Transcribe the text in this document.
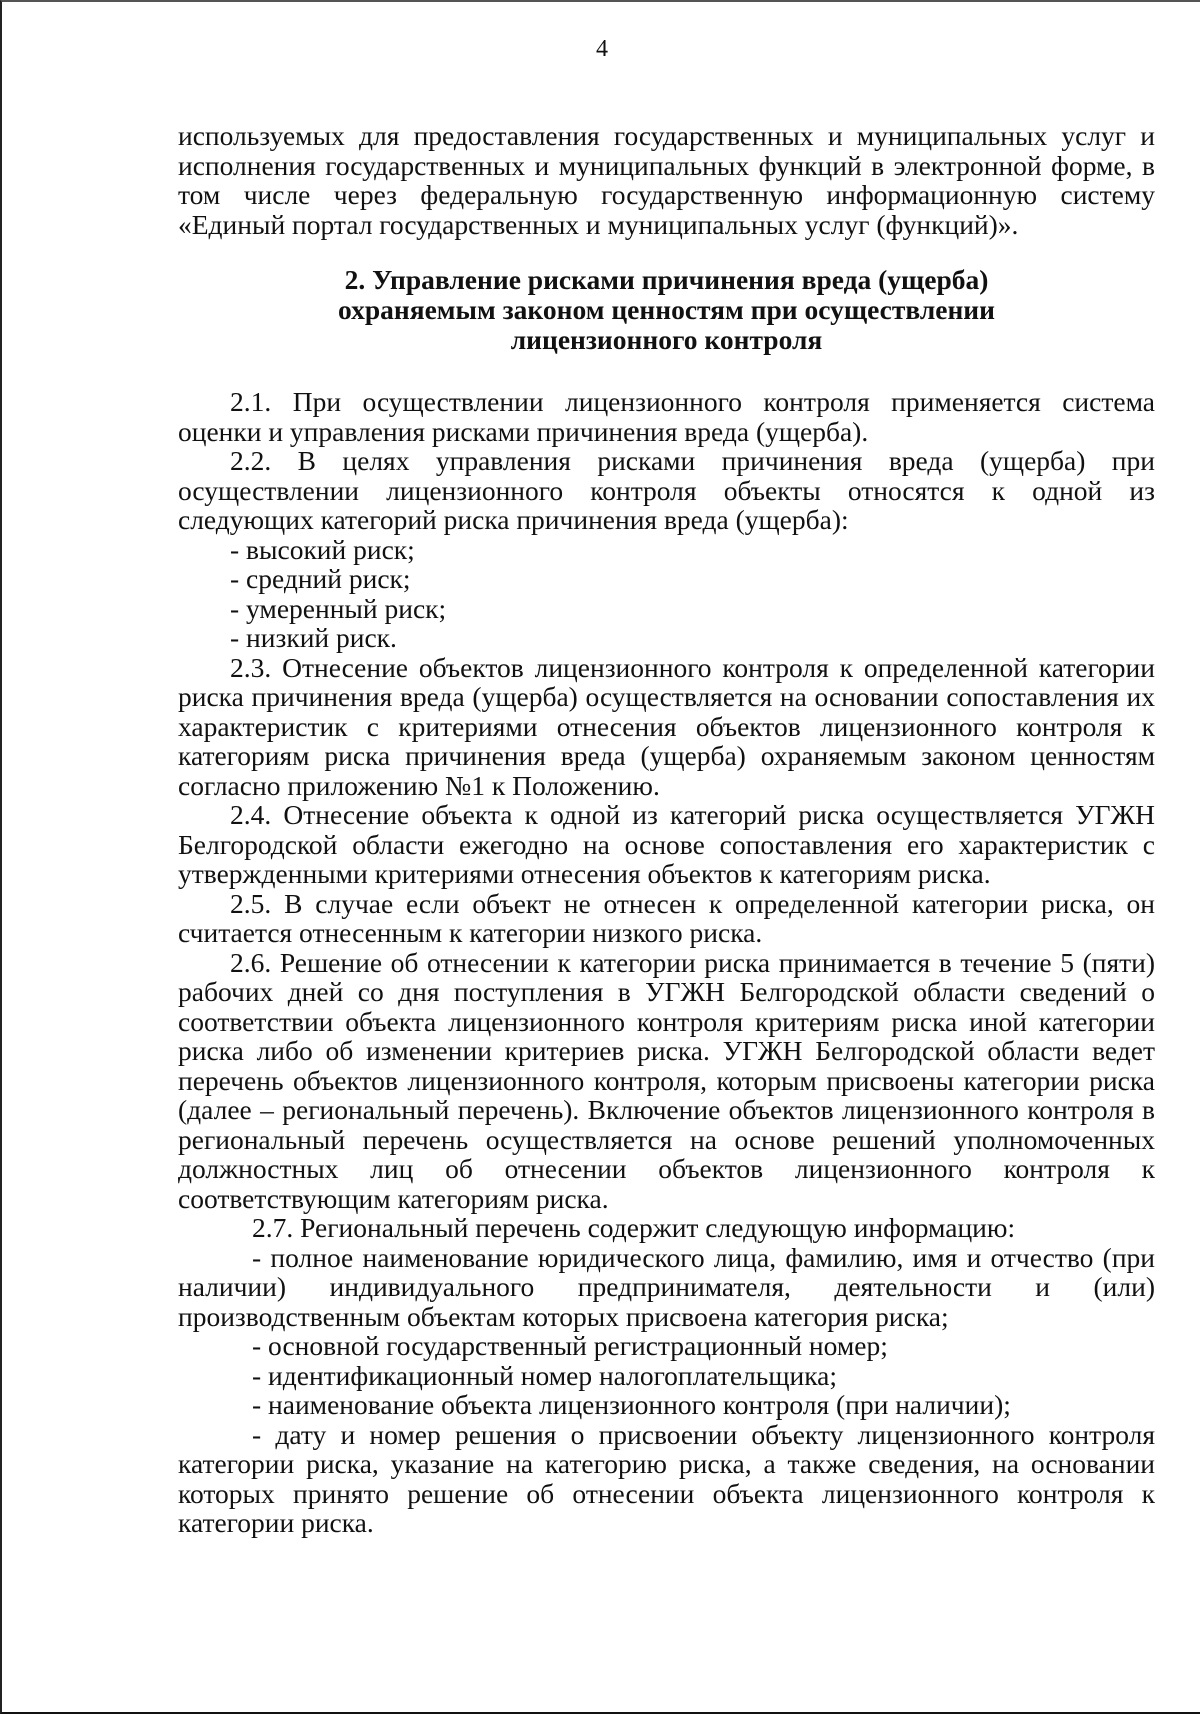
4

используемых для предоставления государственных и муниципальных услуг и исполнения государственных и муниципальных функций в электронной форме, в том числе через федеральную государственную информационную систему «Единый портал государственных и муниципальных услуг (функций)».

2. Управление рисками причинения вреда (ущерба)
охраняемым законом ценностям при осуществлении
лицензионного контроля

2.1. При осуществлении лицензионного контроля применяется система оценки и управления рисками причинения вреда (ущерба).

2.2. В целях управления рисками причинения вреда (ущерба) при осуществлении лицензионного контроля объекты относятся к одной из следующих категорий риска причинения вреда (ущерба):

- высокий риск;

- средний риск;

- умеренный риск;

- низкий риск.

2.3. Отнесение объектов лицензионного контроля к определенной категории риска причинения вреда (ущерба) осуществляется на основании сопоставления их характеристик с критериями отнесения объектов лицензионного контроля к категориям риска причинения вреда (ущерба) охраняемым законом ценностям согласно приложению №1 к Положению.

2.4. Отнесение объекта к одной из категорий риска осуществляется УГЖН Белгородской области ежегодно на основе сопоставления его характеристик с утвержденными критериями отнесения объектов к категориям риска.

2.5. В случае если объект не отнесен к определенной категории риска, он считается отнесенным к категории низкого риска.

2.6. Решение об отнесении к категории риска принимается в течение 5 (пяти) рабочих дней со дня поступления в УГЖН Белгородской области сведений о соответствии объекта лицензионного контроля критериям риска иной категории риска либо об изменении критериев риска. УГЖН Белгородской области ведет перечень объектов лицензионного контроля, которым присвоены категории риска (далее – региональный перечень). Включение объектов лицензионного контроля в региональный перечень осуществляется на основе решений уполномоченных должностных лиц об отнесении объектов лицензионного контроля к соответствующим категориям риска.

2.7. Региональный перечень содержит следующую информацию:

- полное наименование юридического лица, фамилию, имя и отчество (при наличии) индивидуального предпринимателя, деятельности и (или) производственным объектам которых присвоена категория риска;

- основной государственный регистрационный номер;

- идентификационный номер налогоплательщика;

- наименование объекта лицензионного контроля (при наличии);

- дату и номер решения о присвоении объекту лицензионного контроля категории риска, указание на категорию риска, а также сведения, на основании которых принято решение об отнесении объекта лицензионного контроля к категории риска.
